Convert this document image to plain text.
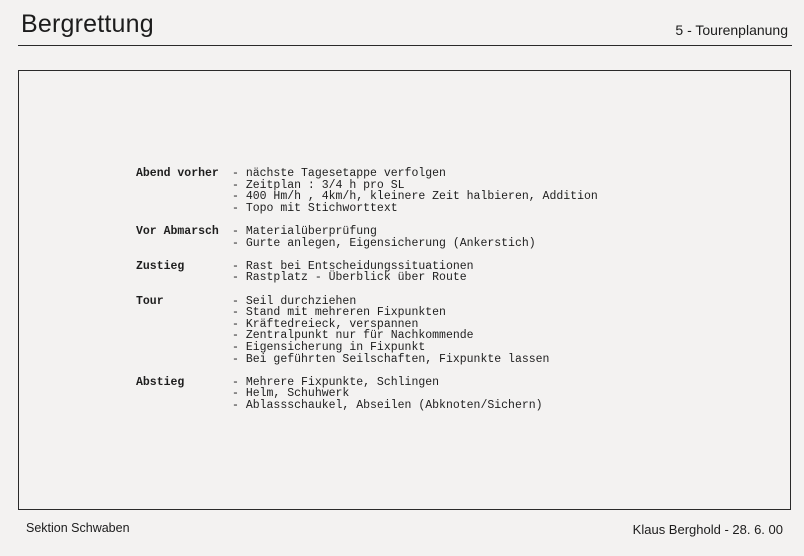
Bergrettung	5 - Tourenplanung
Abend vorher	- nächste Tagesetappe verfolgen
- Zeitplan : 3/4 h pro SL
- 400 Hm/h , 4km/h, kleinere Zeit halbieren, Addition
- Topo mit Stichworttext
Vor Abmarsch	- Materialüberprüfung
- Gurte anlegen, Eigensicherung (Ankerstich)
Zustieg	- Rast bei Entscheidungssituationen
- Rastplatz - Überblick über Route
Tour	- Seil durchziehen
- Stand mit mehreren Fixpunkten
- Kräftedreieck, verspannen
- Zentralpunkt nur für Nachkommende
- Eigensicherung in Fixpunkt
- Bei geführten Seilschaften, Fixpunkte lassen
Abstieg	- Mehrere Fixpunkte, Schlingen
- Helm, Schuhwerk
- Ablassschaukel, Abseilen (Abknoten/Sichern)
Sektion Schwaben	Klaus Berghold - 28. 6. 00
